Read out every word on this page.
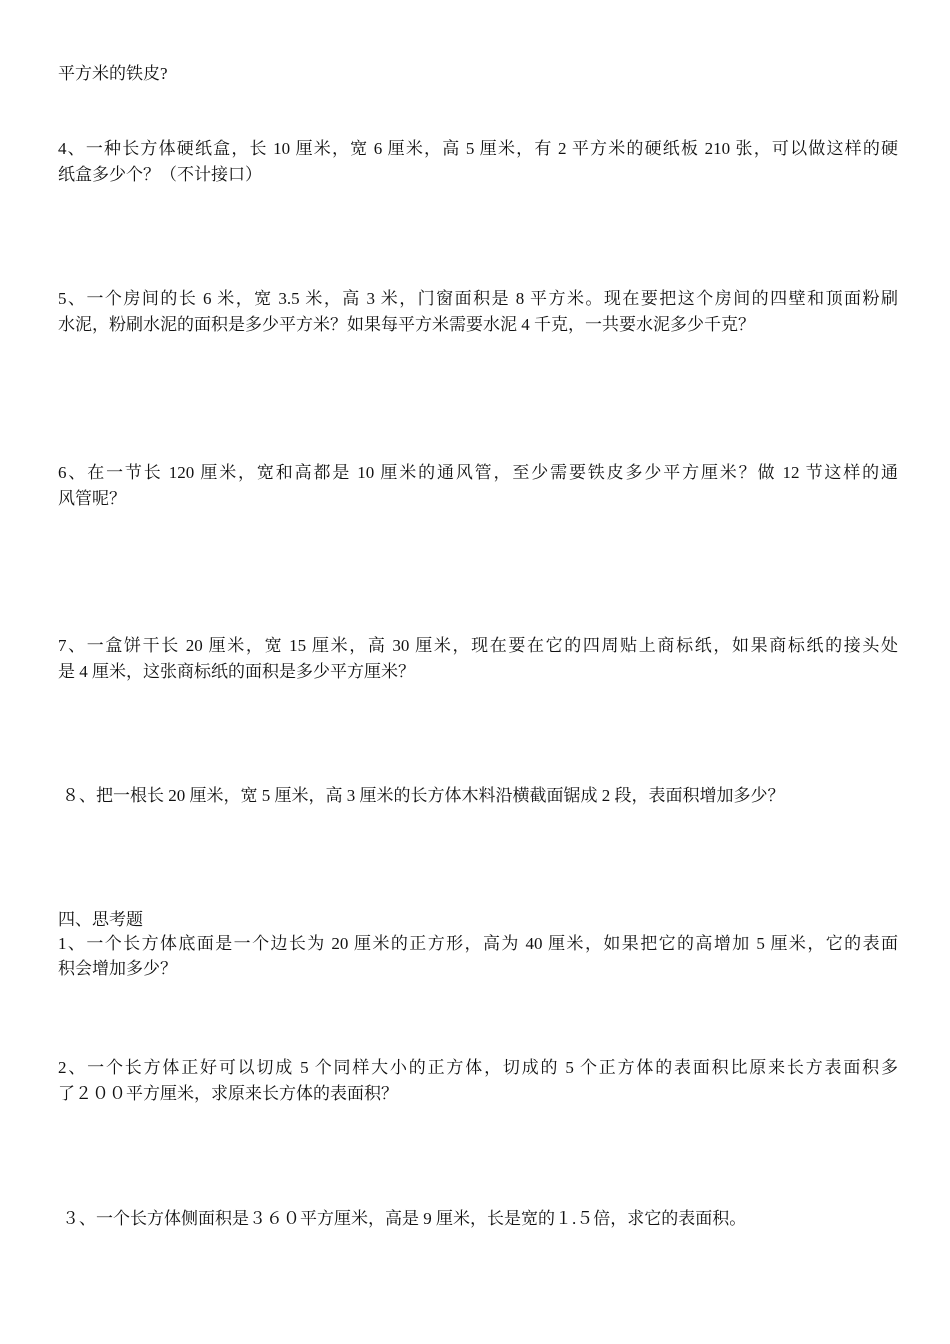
平方米的铁皮?
4、一种长方体硬纸盒，长 10 厘米，宽 6 厘米，高 5 厘米，有 2 平方米的硬纸板 210 张，可以做这样的硬
纸盒多少个？（不计接口）
5、一个房间的长 6 米，宽 3.5 米，高 3 米，门窗面积是 8 平方米。现在要把这个房间的四壁和顶面粉刷
水泥，粉刷水泥的面积是多少平方米？如果每平方米需要水泥 4 千克，一共要水泥多少千克？
6、在一节长 120 厘米，宽和高都是 10 厘米的通风管，至少需要铁皮多少平方厘米？做 12 节这样的通
风管呢？
7、一盒饼干长 20 厘米，宽 15 厘米，高 30 厘米，现在要在它的四周贴上商标纸，如果商标纸的接头处
是 4 厘米，这张商标纸的面积是多少平方厘米？
８、把一根长 20 厘米，宽 5 厘米，高 3 厘米的长方体木料沿横截面锯成 2 段，表面积增加多少？
四、思考题
1、一个长方体底面是一个边长为 20 厘米的正方形，高为 40 厘米，如果把它的高增加 5 厘米，它的表面
积会增加多少？
2、一个长方体正好可以切成 5 个同样大小的正方体，切成的 5 个正方体的表面积比原来长方表面积多
了２００平方厘米，求原来长方体的表面积？
３、一个长方体侧面积是３６０平方厘米，高是 9 厘米，长是宽的１.５倍，求它的表面积。
